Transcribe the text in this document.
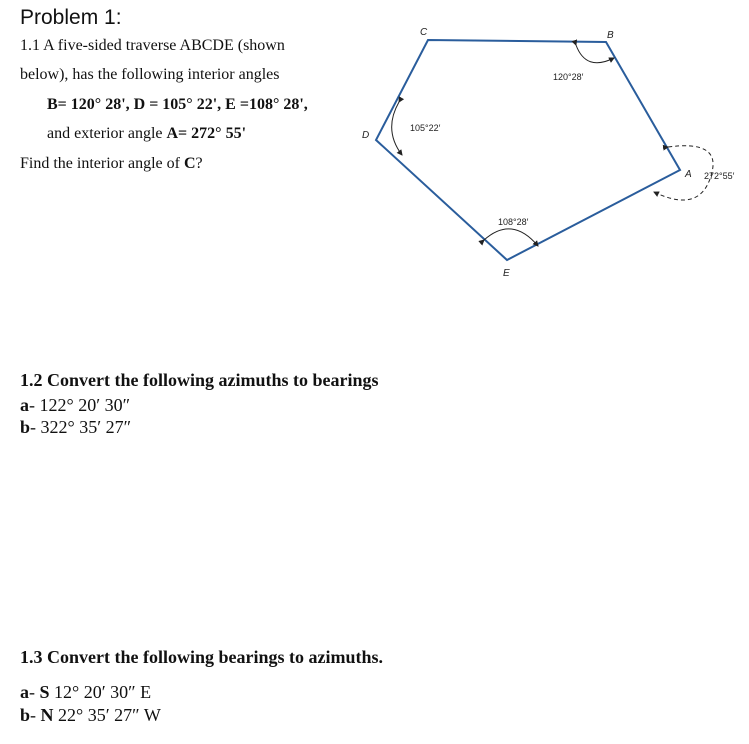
Problem 1:
1.1 A five-sided traverse ABCDE (shown
below), has the following interior angles
B= 120° 28', D = 105° 22', E =108° 28',
and exterior angle A= 272° 55'
Find the interior angle of C?
C	B
D
A
E
120°28′
105°22′
108°28′
272°55′
1.2 Convert the following azimuths to bearings
a- 122° 20′ 30″
b- 322° 35′ 27″
1.3 Convert the following bearings to azimuths.
a- S 12° 20′ 30″ E
b- N 22° 35′ 27″ W
